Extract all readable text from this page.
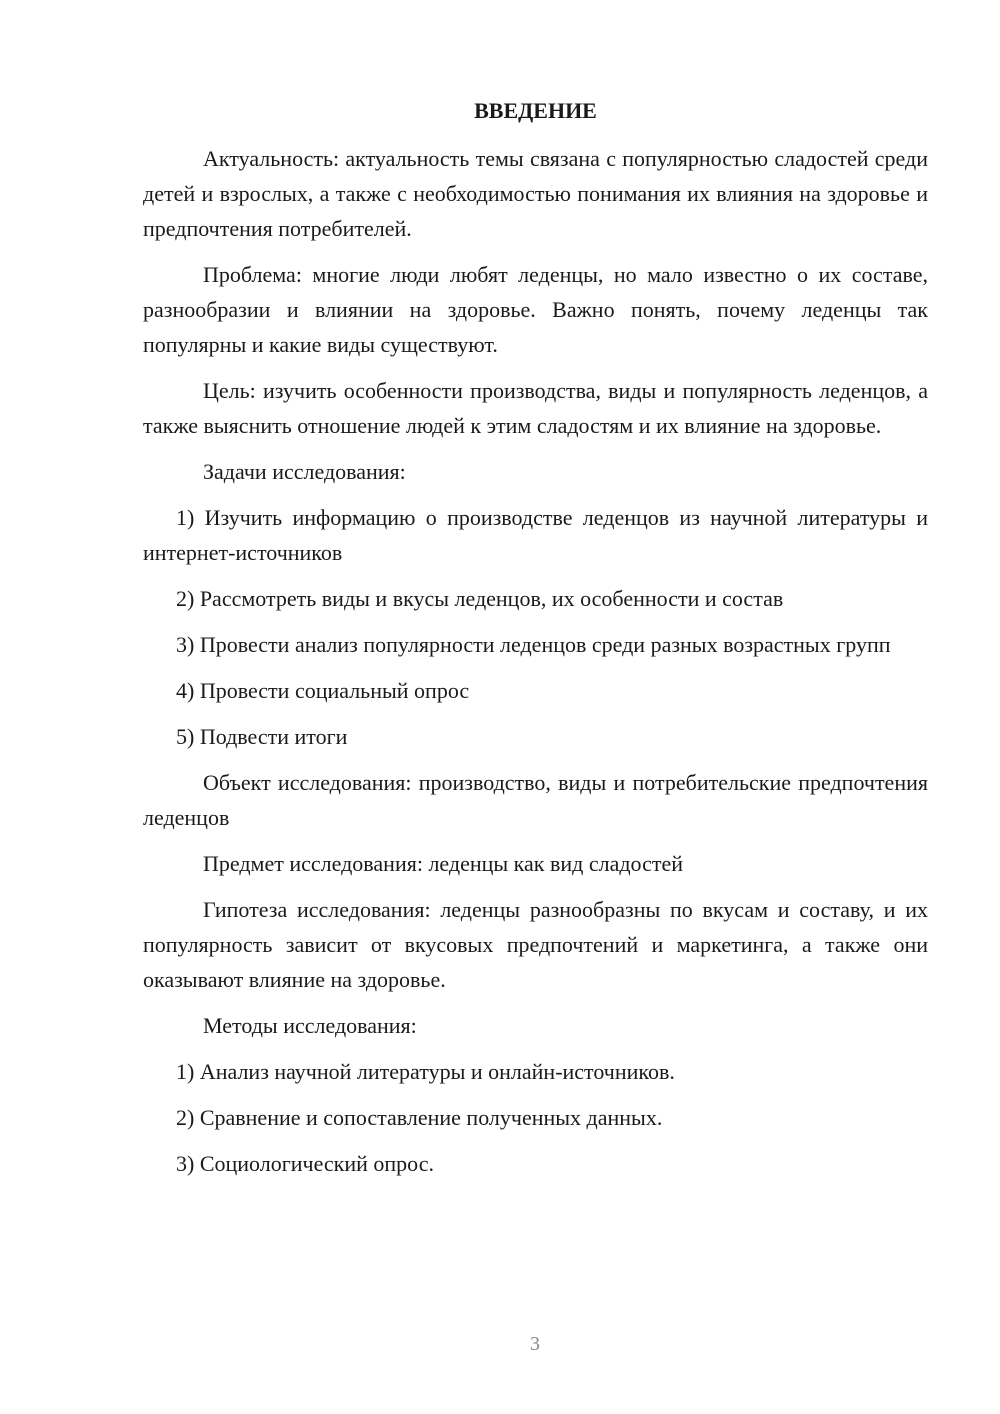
ВВЕДЕНИЕ

Актуальность: актуальность темы связана с популярностью сладостей среди детей и взрослых, а также с необходимостью понимания их влияния на здоровье и предпочтения потребителей.

Проблема: многие люди любят леденцы, но мало известно о их составе, разнообразии и влиянии на здоровье. Важно понять, почему леденцы так популярны и какие виды существуют.

Цель: изучить особенности производства, виды и популярность леденцов, а также выяснить отношение людей к этим сладостям и их влияние на здоровье.

Задачи исследования:

1) Изучить информацию о производстве леденцов из научной литературы и интернет-источников

2) Рассмотреть виды и вкусы леденцов, их особенности и состав

3) Провести анализ популярности леденцов среди разных возрастных групп

4) Провести социальный опрос

5) Подвести итоги

Объект исследования: производство, виды и потребительские предпочтения леденцов

Предмет исследования: леденцы как вид сладостей

Гипотеза исследования: леденцы разнообразны по вкусам и составу, и их популярность зависит от вкусовых предпочтений и маркетинга, а также они оказывают влияние на здоровье.

Методы исследования:

1) Анализ научной литературы и онлайн-источников.

2) Сравнение и сопоставление полученных данных.

3) Социологический опрос.

3
